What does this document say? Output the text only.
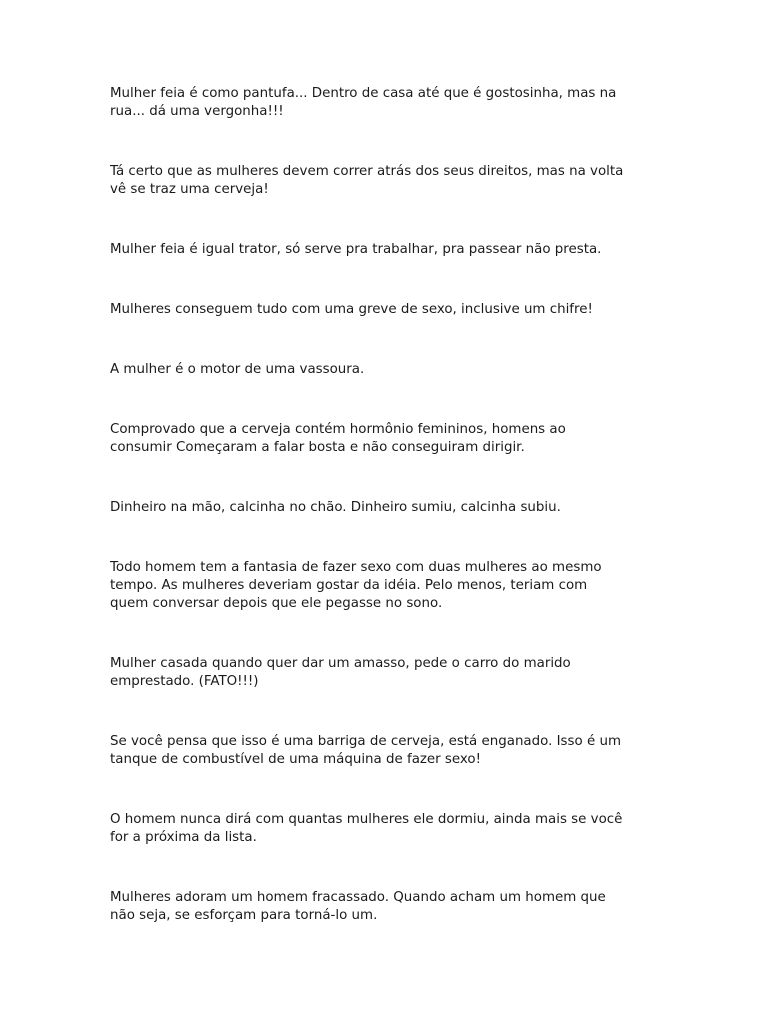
Mulher feia é como pantufa... Dentro de casa até que é gostosinha, mas na
rua... dá uma vergonha!!!

Tá certo que as mulheres devem correr atrás dos seus direitos, mas na volta
vê se traz uma cerveja!

Mulher feia é igual trator, só serve pra trabalhar, pra passear não presta.

Mulheres conseguem tudo com uma greve de sexo, inclusive um chifre!

A mulher é o motor de uma vassoura.

Comprovado que a cerveja contém hormônio femininos, homens ao
consumir Começaram a falar bosta e não conseguiram dirigir.

Dinheiro na mão, calcinha no chão. Dinheiro sumiu, calcinha subiu.

Todo homem tem a fantasia de fazer sexo com duas mulheres ao mesmo
tempo. As mulheres deveriam gostar da idéia. Pelo menos, teriam com
quem conversar depois que ele pegasse no sono.

Mulher casada quando quer dar um amasso, pede o carro do marido
emprestado. (FATO!!!)

Se você pensa que isso é uma barriga de cerveja, está enganado. Isso é um
tanque de combustível de uma máquina de fazer sexo!

O homem nunca dirá com quantas mulheres ele dormiu, ainda mais se você
for a próxima da lista.

Mulheres adoram um homem fracassado. Quando acham um homem que
não seja, se esforçam para torná-lo um.
